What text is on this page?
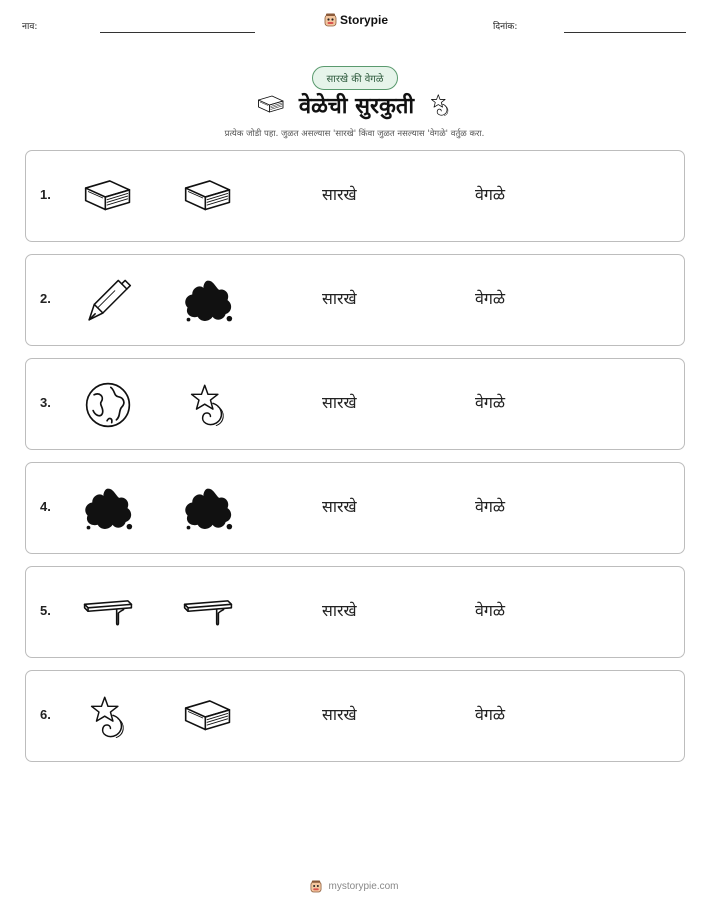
नाव:	Storypie	दिनांक:
सारखे की वेगळे
वेळेची सुरकुती
प्रत्येक जोडी पहा. जुळत असल्यास 'सारखे' किंवा जुळत नसल्यास 'वेगळे' वर्तुळ करा.
1.	सारखे	वेगळे
2.	सारखे	वेगळे
3.	सारखे	वेगळे
4.	सारखे	वेगळे
5.	सारखे	वेगळे
6.	सारखे	वेगळे
mystorypie.com
